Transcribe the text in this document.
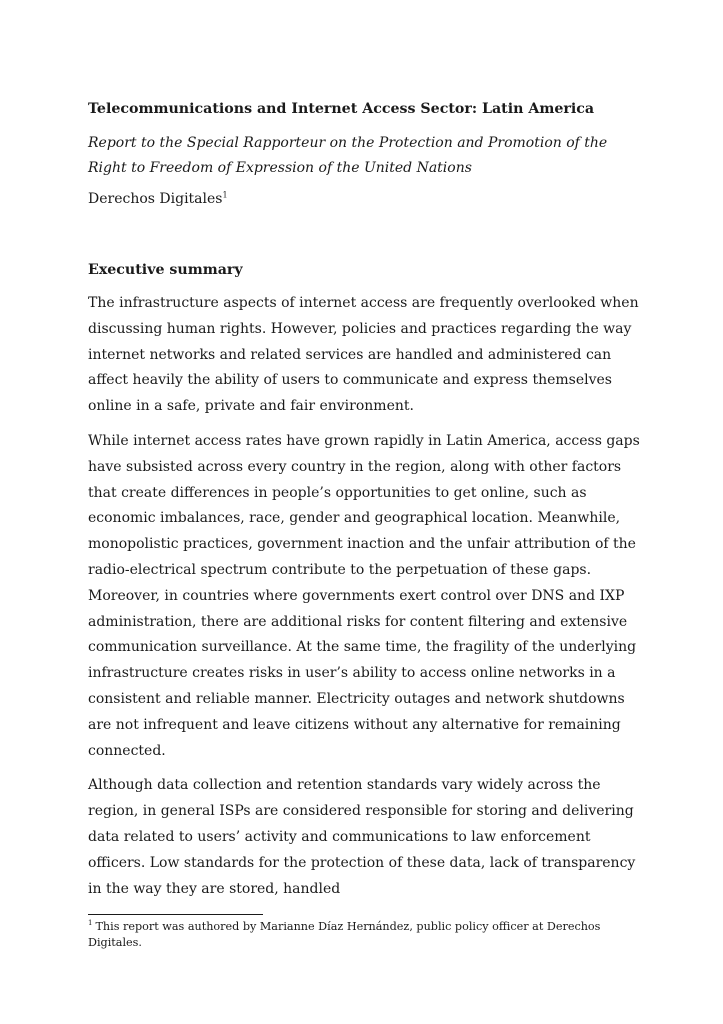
Telecommunications and Internet Access Sector: Latin America

Report to the Special Rapporteur on the Protection and Promotion of the Right to Freedom of Expression of the United Nations

Derechos Digitales$^1$

Executive summary

The infrastructure aspects of internet access are frequently overlooked when discussing human rights. However, policies and practices regarding the way internet networks and related services are handled and administered can affect heavily the ability of users to communicate and express themselves online in a safe, private and fair environment.

While internet access rates have grown rapidly in Latin America, access gaps have subsisted across every country in the region, along with other factors that create differences in people’s opportunities to get online, such as economic imbalances, race, gender and geographical location. Meanwhile, monopolistic practices, government inaction and the unfair attribution of the radio-electrical spectrum contribute to the perpetuation of these gaps. Moreover, in countries where governments exert control over DNS and IXP administration, there are additional risks for content filtering and extensive communication surveillance. At the same time, the fragility of the underlying infrastructure creates risks in user’s ability to access online networks in a consistent and reliable manner. Electricity outages and network shutdowns are not infrequent and leave citizens without any alternative for remaining connected.

Although data collection and retention standards vary widely across the region, in general ISPs are considered responsible for storing and delivering data related to users’ activity and communications to law enforcement officers. Low standards for the protection of these data, lack of transparency in the way they are stored, handled

$^1$ This report was authored by Marianne Díaz Hernández, public policy officer at Derechos Digitales.
